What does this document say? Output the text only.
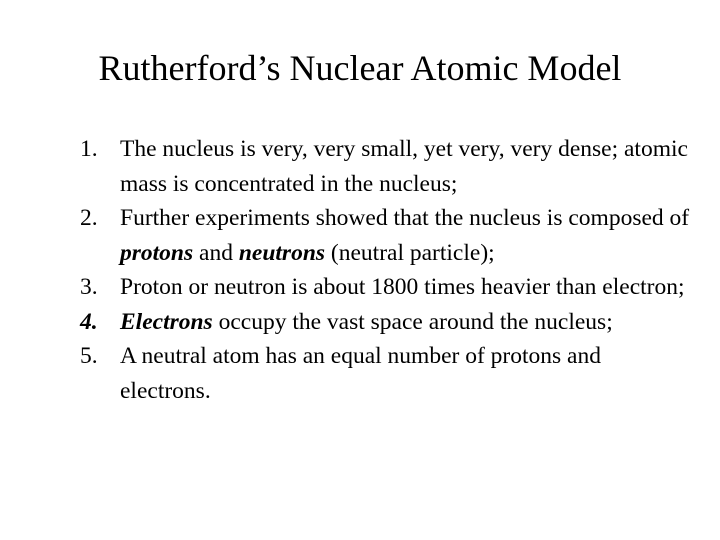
Rutherford’s Nuclear Atomic Model
1. The nucleus is very, very small, yet very, very dense; atomic mass is concentrated in the nucleus;
2. Further experiments showed that the nucleus is composed of protons and neutrons (neutral particle);
3. Proton or neutron is about 1800 times heavier than electron;
4. Electrons occupy the vast space around the nucleus;
5. A neutral atom has an equal number of protons and electrons.
